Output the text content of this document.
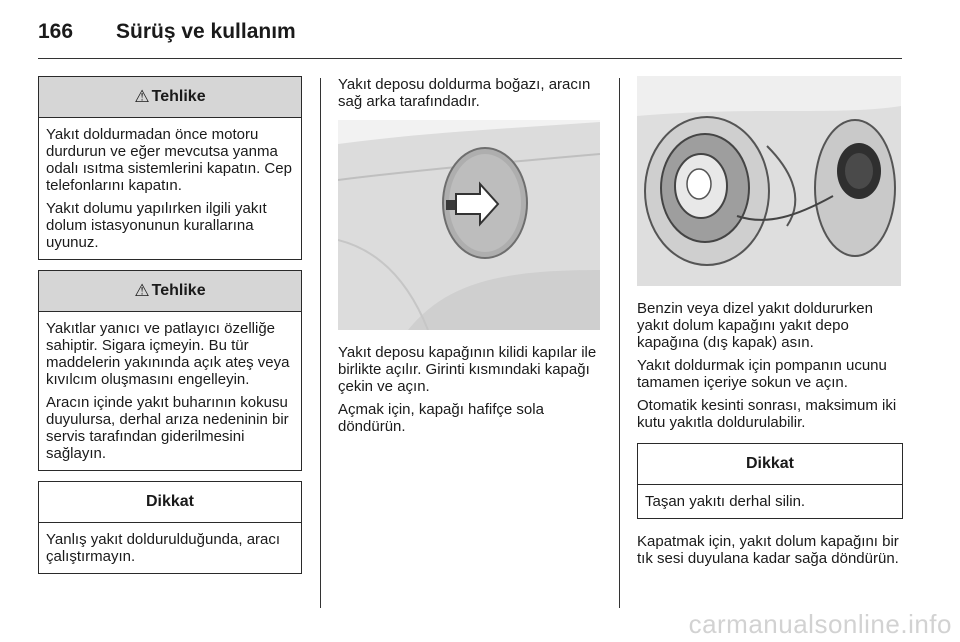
166 Sürüş ve kullanım
⚠ Tehlike

Yakıt doldurmadan önce motoru durdurun ve eğer mevcutsa yanma odalı ısıtma sistemlerini kapatın. Cep telefonlarını kapatın.

Yakıt dolumu yapılırken ilgili yakıt dolum istasyonunun kurallarına uyunuz.

⚠ Tehlike

Yakıtlar yanıcı ve patlayıcı özelliğe sahiptir. Sigara içmeyin. Bu tür maddelerin yakınında açık ateş veya kıvılcım oluşmasını engelleyin.

Aracın içinde yakıt buharının kokusu duyulursa, derhal arıza nedeninin bir servis tarafından giderilmesini sağlayın.

Dikkat

Yanlış yakıt doldurulduğunda, aracı çalıştırmayın.

Yakıt deposu doldurma boğazı, aracın sağ arka tarafındadır.

Yakıt deposu kapağının kilidi kapılar ile birlikte açılır. Girinti kısmındaki kapağı çekin ve açın.

Açmak için, kapağı hafifçe sola döndürün.

Benzin veya dizel yakıt doldururken yakıt dolum kapağını yakıt depo kapağına (dış kapak) asın.

Yakıt doldurmak için pompanın ucunu tamamen içeriye sokun ve açın.

Otomatik kesinti sonrası, maksimum iki kutu yakıtla doldurulabilir.

Dikkat

Taşan yakıtı derhal silin.

Kapatmak için, yakıt dolum kapağını bir tık sesi duyulana kadar sağa döndürün.

carmanualsonline.info
